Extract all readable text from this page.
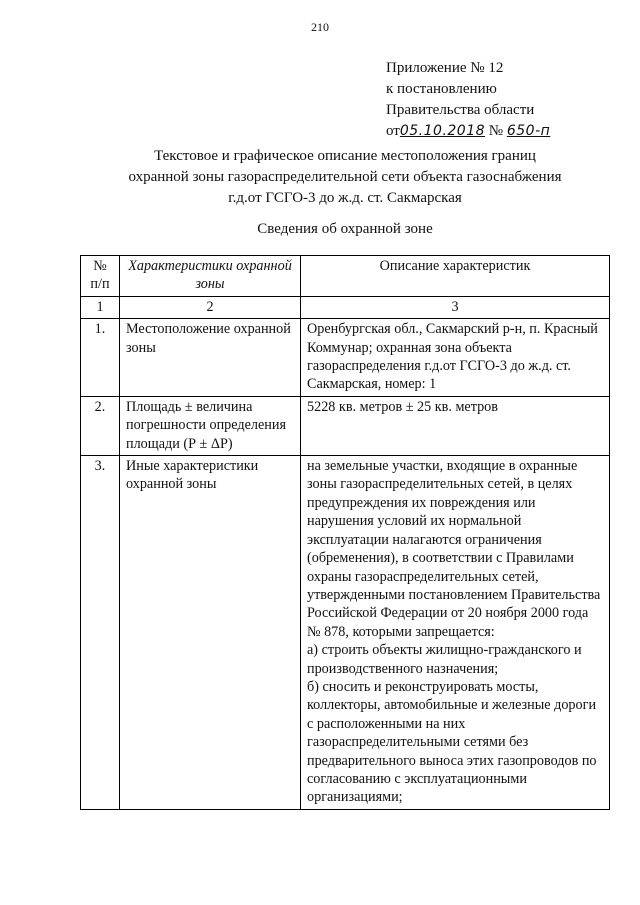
210
Приложение № 12
к постановлению
Правительства области
от05.10.2018 № 650-п
Текстовое и графическое описание местоположения границ
охранной зоны газораспределительной сети объекта газоснабжения
г.д.от ГСГО-3 до ж.д. ст. Сакмарская
Сведения об охранной зоне
№ п/п	Характеристики охранной зоны	Описание характеристик
1	2	3
1.	Местоположение охранной зоны	Оренбургская обл., Сакмарский р-н, п. Красный Коммунар; охранная зона объекта газораспределения г.д.от ГСГО-3 до ж.д. ст. Сакмарская, номер: 1
2.	Площадь ± величина погрешности определения площади (Р ± ΔР)	5228 кв. метров ± 25 кв. метров
3.	Иные характеристики охранной зоны	на земельные участки, входящие в охранные зоны газораспределительных сетей, в целях предупреждения их повреждения или нарушения условий их нормальной эксплуатации налагаются ограничения (обременения), в соответствии с Правилами охраны газораспределительных сетей, утвержденными постановлением Правительства Российской Федерации от 20 ноября 2000 года № 878, которыми запрещается:
а) строить объекты жилищно-гражданского и производственного назначения;
б) сносить и реконструировать мосты, коллекторы, автомобильные и железные дороги с расположенными на них газораспределительными сетями без предварительного выноса этих газопроводов по согласованию с эксплуатационными организациями;
